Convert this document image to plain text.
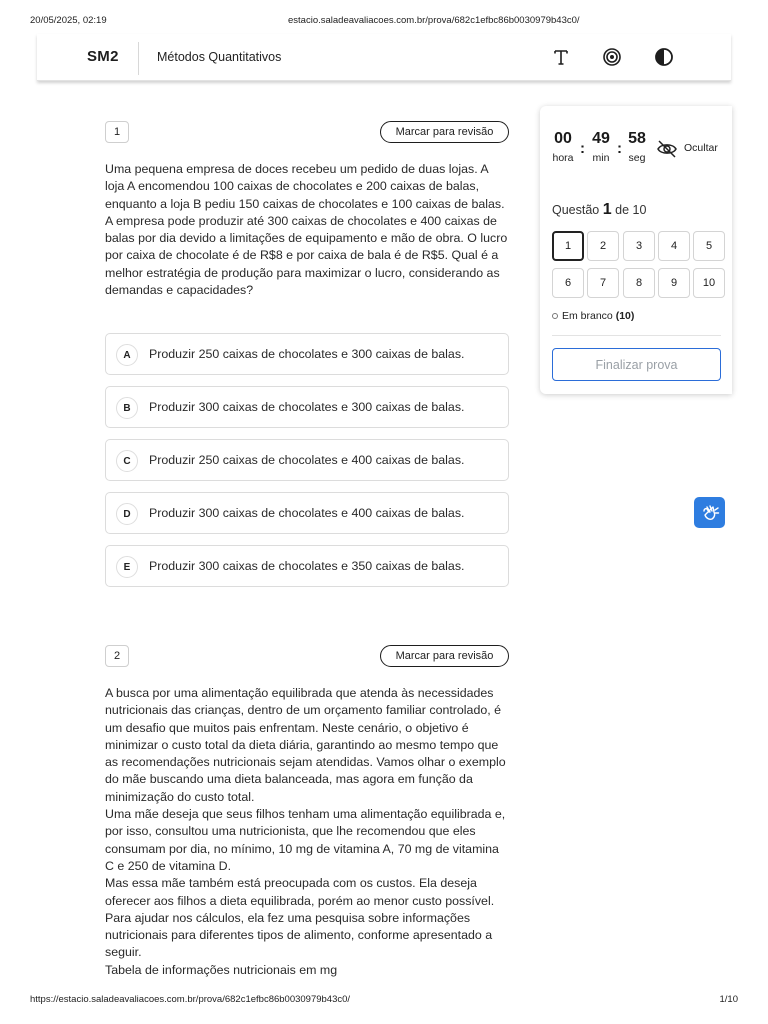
20/05/2025, 02:19	estacio.saladeavaliacoes.com.br/prova/682c1efbc86b0030979b43c0/
SM2	Métodos Quantitativos
1	Marcar para revisão
Uma pequena empresa de doces recebeu um pedido de duas lojas. A loja A encomendou 100 caixas de chocolates e 200 caixas de balas, enquanto a loja B pediu 150 caixas de chocolates e 100 caixas de balas.
A empresa pode produzir até 300 caixas de chocolates e 400 caixas de balas por dia devido a limitações de equipamento e mão de obra. O lucro por caixa de chocolate é de R$8 e por caixa de bala é de R$5. Qual é a melhor estratégia de produção para maximizar o lucro, considerando as demandas e capacidades?
A	Produzir 250 caixas de chocolates e 300 caixas de balas.
B	Produzir 300 caixas de chocolates e 300 caixas de balas.
C	Produzir 250 caixas de chocolates e 400 caixas de balas.
D	Produzir 300 caixas de chocolates e 400 caixas de balas.
E	Produzir 300 caixas de chocolates e 350 caixas de balas.
2	Marcar para revisão
A busca por uma alimentação equilibrada que atenda às necessidades nutricionais das crianças, dentro de um orçamento familiar controlado, é um desafio que muitos pais enfrentam. Neste cenário, o objetivo é minimizar o custo total da dieta diária, garantindo ao mesmo tempo que as recomendações nutricionais sejam atendidas. Vamos olhar o exemplo do mãe buscando uma dieta balanceada, mas agora em função da minimização do custo total.
Uma mãe deseja que seus filhos tenham uma alimentação equilibrada e, por isso, consultou uma nutricionista, que lhe recomendou que eles consumam por dia, no mínimo, 10 mg de vitamina A, 70 mg de vitamina C e 250 de vitamina D.
Mas essa mãe também está preocupada com os custos. Ela deseja oferecer aos filhos a dieta equilibrada, porém ao menor custo possível. Para ajudar nos cálculos, ela fez uma pesquisa sobre informações nutricionais para diferentes tipos de alimento, conforme apresentado a seguir.
Tabela de informações nutricionais em mg
00
hora
:
49
min
:
58
seg
Ocultar
Questão 1 de 10
1	2	3	4	5
6	7	8	9	10
Em branco (10)
Finalizar prova
https://estacio.saladeavaliacoes.com.br/prova/682c1efbc86b0030979b43c0/	1/10
